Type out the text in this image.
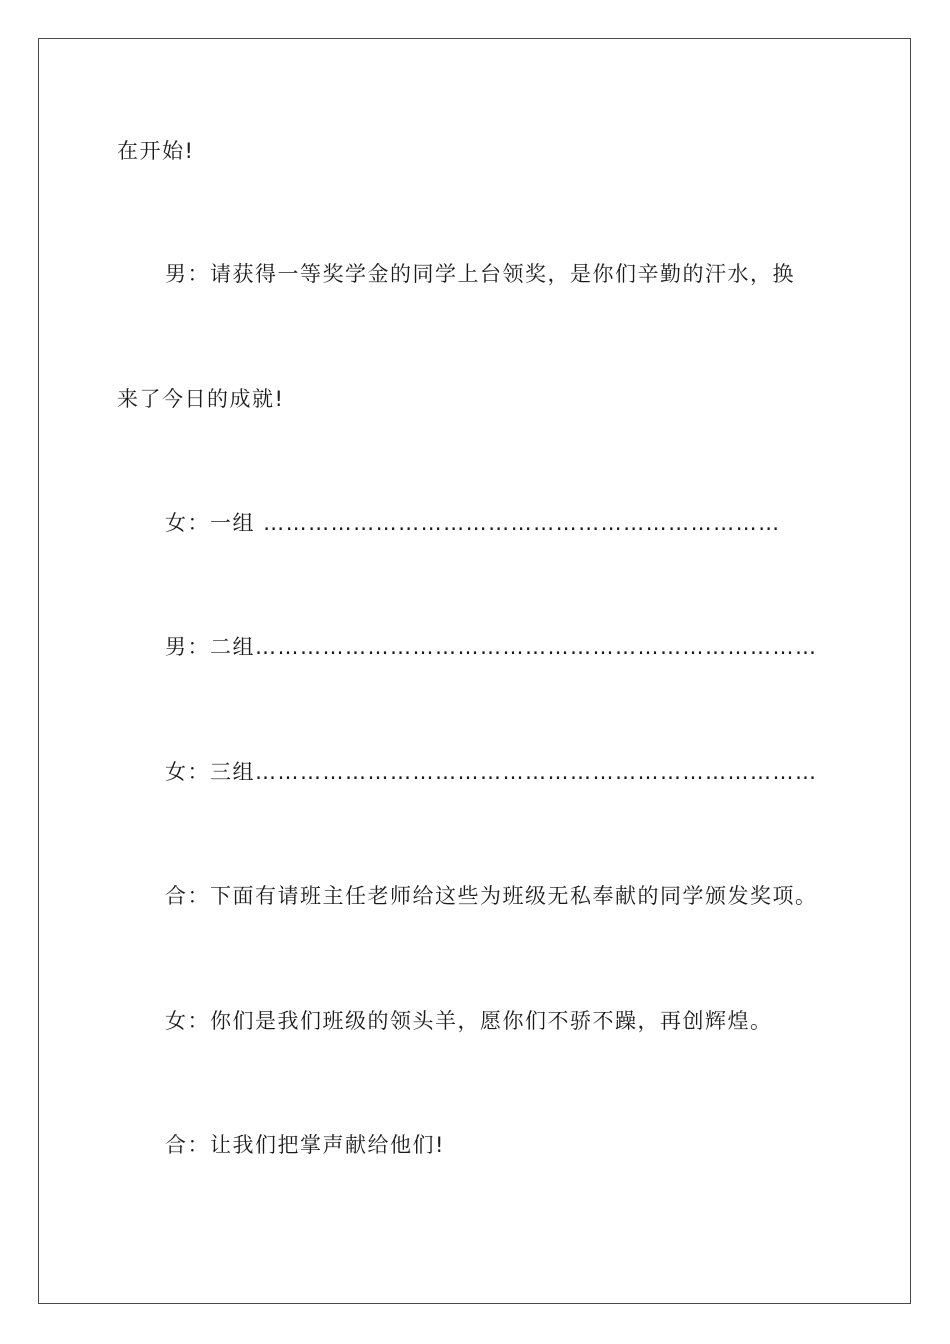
在开始!
男：请获得一等奖学金的同学上台领奖，是你们辛勤的汗水，换
来了今日的成就!
女：一组 ……………………………………………………………
男：二组…………………………………………………………………
女：三组…………………………………………………………………
合：下面有请班主任老师给这些为班级无私奉献的同学颁发奖项。
女：你们是我们班级的领头羊，愿你们不骄不躁，再创辉煌。
合：让我们把掌声献给他们!
